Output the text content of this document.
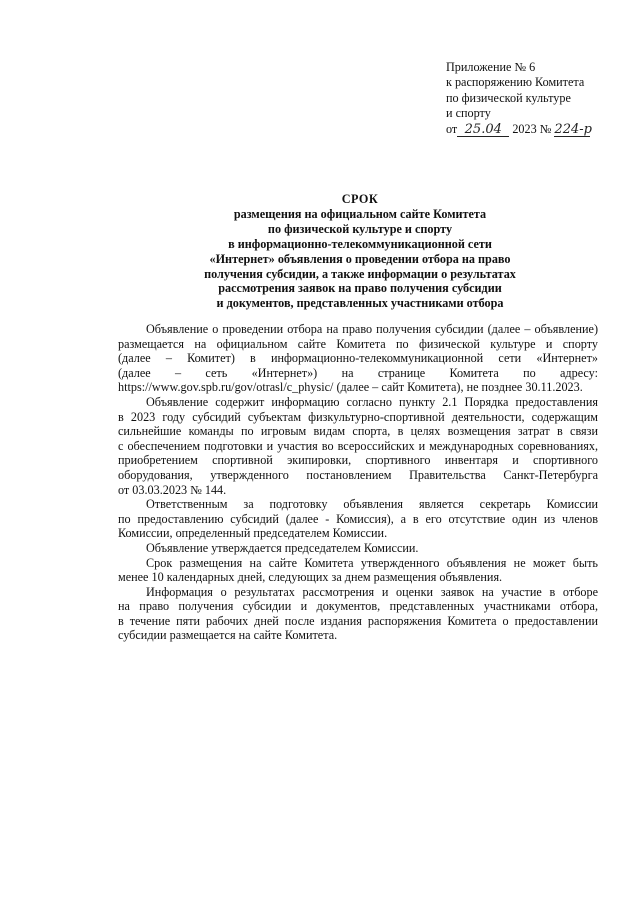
Приложение № 6
к распоряжению Комитета
по физической культуре
и спорту
от 25.04 2023 № 224-р
СРОК
размещения на официальном сайте Комитета
по физической культуре и спорту
в информационно-телекоммуникационной сети
«Интернет» объявления о проведении отбора на право
получения субсидии, а также информации о результатах
рассмотрения заявок на право получения субсидии
и документов, представленных участниками отбора
Объявление о проведении отбора на право получения субсидии (далее – объявление)
размещается на официальном сайте Комитета по физической культуре и спорту
(далее – Комитет) в информационно-телекоммуникационной сети «Интернет»
(далее – сеть «Интернет») на странице Комитета по адресу:
https://www.gov.spb.ru/gov/otrasl/c_physic/ (далее – сайт Комитета), не позднее 30.11.2023.
Объявление содержит информацию согласно пункту 2.1 Порядка предоставления
в 2023 году субсидий субъектам физкультурно-спортивной деятельности, содержащим
сильнейшие команды по игровым видам спорта, в целях возмещения затрат в связи
с обеспечением подготовки и участия во всероссийских и международных соревнованиях,
приобретением спортивной экипировки, спортивного инвентаря и спортивного
оборудования, утвержденного постановлением Правительства Санкт-Петербурга
от 03.03.2023 № 144.
Ответственным за подготовку объявления является секретарь Комиссии
по предоставлению субсидий (далее - Комиссия), а в его отсутствие один из членов
Комиссии, определенный председателем Комиссии.
Объявление утверждается председателем Комиссии.
Срок размещения на сайте Комитета утвержденного объявления не может быть
менее 10 календарных дней, следующих за днем размещения объявления.
Информация о результатах рассмотрения и оценки заявок на участие в отборе
на право получения субсидии и документов, представленных участниками отбора,
в течение пяти рабочих дней после издания распоряжения Комитета о предоставлении
субсидии размещается на сайте Комитета.
